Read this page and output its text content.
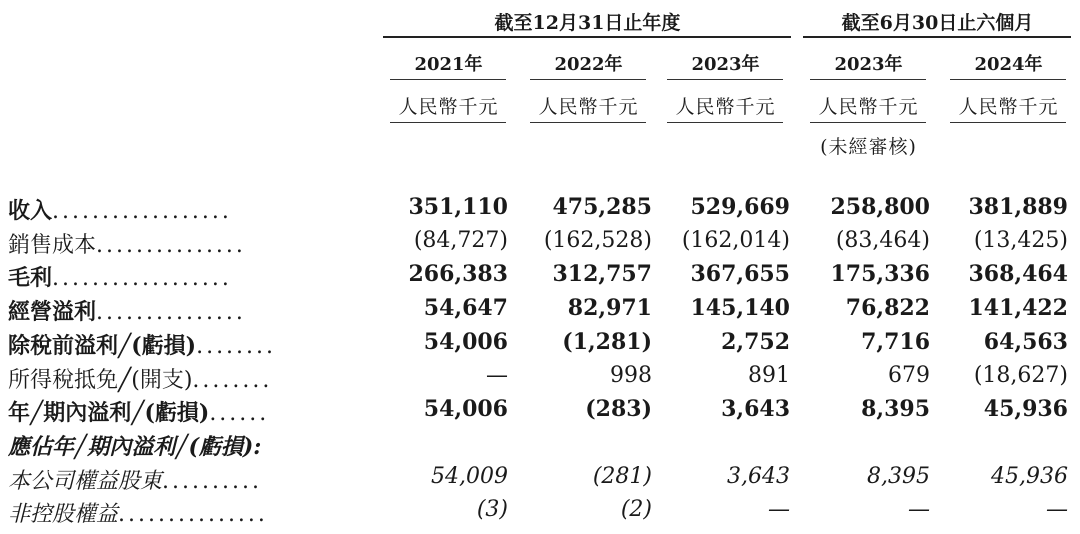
截至12月31日止年度	截至6月30日止六個月
2021年	2022年	2023年	2023年	2024年
人民幣千元	人民幣千元	人民幣千元	人民幣千元	人民幣千元
(未經審核)
收入..................	351,110	475,285	529,669	258,800	381,889
銷售成本...............	(84,727)	(162,528)	(162,014)	(83,464)	(13,425)
毛利..................	266,383	312,757	367,655	175,336	368,464
經營溢利...............	54,647	82,971	145,140	76,822	141,422
除稅前溢利╱(虧損)........	54,006	(1,281)	2,752	7,716	64,563
所得稅抵免╱(開支)........	—	998	891	679	(18,627)
年╱期內溢利╱(虧損)......	54,006	(283)	3,643	8,395	45,936
應佔年╱期內溢利╱(虧損):
本公司權益股東..........	54,009	(281)	3,643	8,395	45,936
非控股權益...............	(3)	(2)	—	—	—
